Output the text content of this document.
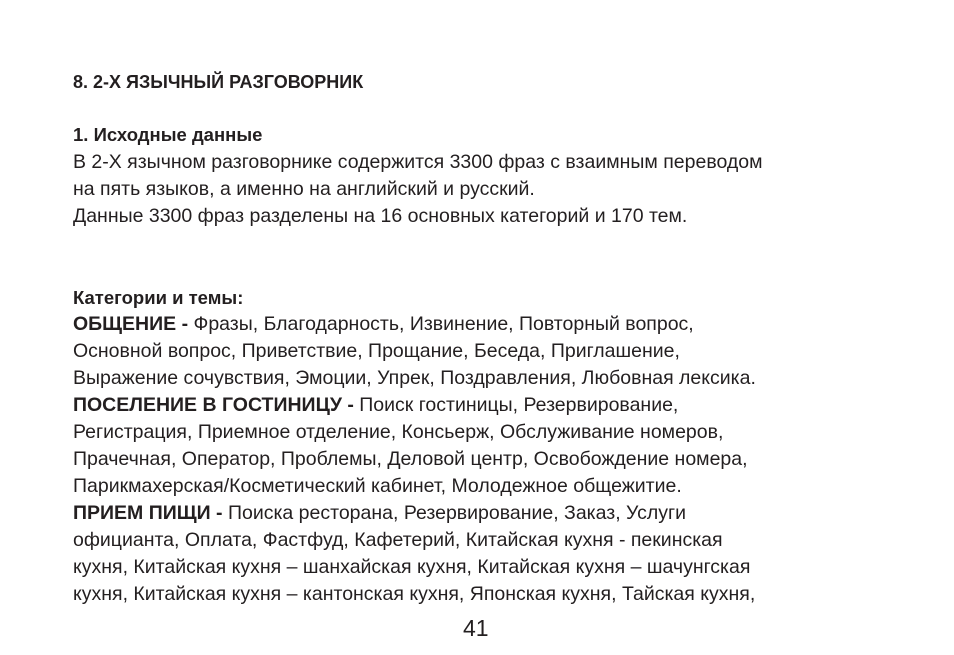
8. 2-Х ЯЗЫЧНЫЙ РАЗГОВОРНИК
1. Исходные данные
В 2-Х язычном разговорнике содержится 3300 фраз с взаимным переводом
на пять языков, а именно на английский и русский.
Данные 3300 фраз разделены на 16 основных категорий и 170 тем.
Категории и темы:
ОБЩЕНИЕ - Фразы, Благодарность, Извинение, Повторный вопрос,
Основной вопрос, Приветствие, Прощание, Беседа, Приглашение,
Выражение сочувствия, Эмоции, Упрек, Поздравления, Любовная лексика.
ПОСЕЛЕНИЕ В ГОСТИНИЦУ - Поиск гостиницы, Резервирование,
Регистрация, Приемное отделение, Консьерж, Обслуживание номеров,
Прачечная, Оператор, Проблемы, Деловой центр, Освобождение номера,
Парикмахерская/Косметический кабинет, Молодежное общежитие.
ПРИЕМ ПИЩИ - Поиска ресторана, Резервирование, Заказ, Услуги
официанта, Оплата, Фастфуд, Кафетерий, Китайская кухня - пекинская
кухня, Китайская кухня – шанхайская кухня, Китайская кухня – шачунгская
кухня, Китайская кухня – кантонская кухня, Японская кухня, Тайская кухня,
41
